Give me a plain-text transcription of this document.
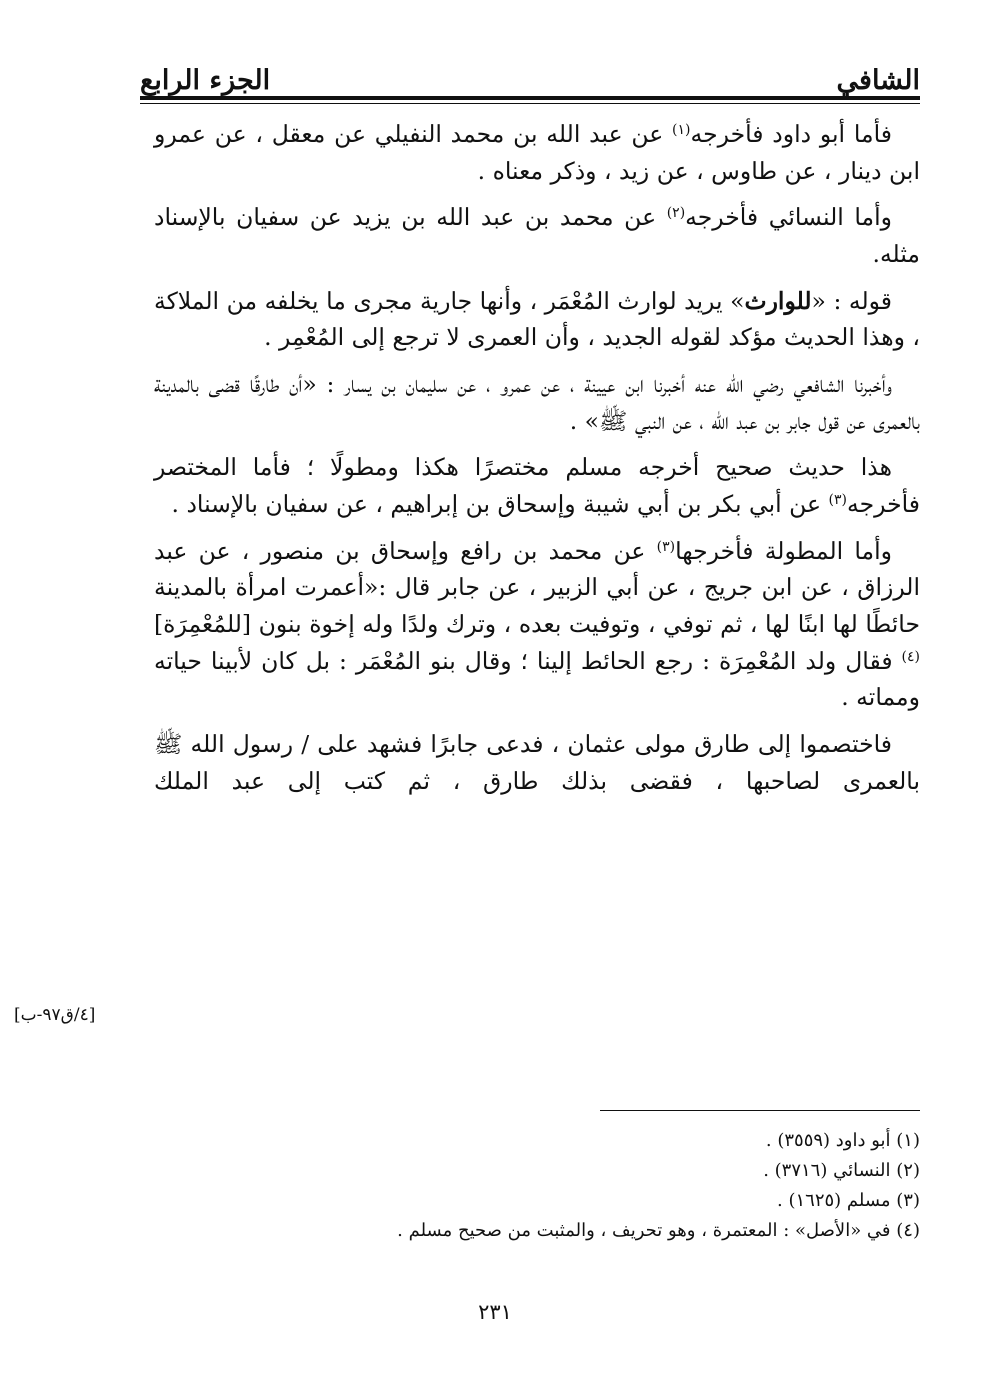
الشافي
الجزء الرابع

فأما أبو داود فأخرجه$^{(١)}$ عن عبد الله بن محمد النفيلي عن معقل ، عن عمرو ابن دينار ، عن طاوس ، عن زيد ، وذكر معناه .

وأما النسائي فأخرجه$^{(٢)}$ عن محمد بن عبد الله بن يزيد عن سفيان بالإسناد مثله.

قوله : «للوارث» يريد لوارث المُعْمَر ، وأنها جارية مجرى ما يخلفه من الملاكة ، وهذا الحديث مؤكد لقوله الجديد ، وأن العمرى لا ترجع إلى المُعْمِر .

وأخبرنا الشافعي رضي الله عنه أخبرنا ابن عيينة ، عن عمرو ، عن سليمان بن يسار : «أن طارقًا قضى بالمدينة بالعمرى عن قول جابر بن عبد الله ، عن النبي ﷺ» .

هذا حديث صحيح أخرجه مسلم مختصرًا هكذا ومطولًا ؛ فأما المختصر فأخرجه$^{(٣)}$ عن أبي بكر بن أبي شيبة وإسحاق بن إبراهيم ، عن سفيان بالإسناد .

وأما المطولة فأخرجها$^{(٣)}$ عن محمد بن رافع وإسحاق بن منصور ، عن عبد الرزاق ، عن ابن جريج ، عن أبي الزبير ، عن جابر قال :«أعمرت امرأة بالمدينة حائطًا لها ابنًا لها ، ثم توفي ، وتوفيت بعده ، وترك ولدًا وله إخوة بنون [للمُعْمِرَة]$^{(٤)}$ فقال ولد المُعْمِرَة : رجع الحائط إلينا ؛ وقال بنو المُعْمَر : بل كان لأبينا حياته ومماته .

فاختصموا إلى طارق مولى عثمان ، فدعى جابرًا فشهد على / رسول الله ﷺ بالعمرى لصاحبها ، فقضى بذلك طارق ، ثم كتب إلى عبد الملك

[٤/ق٩٧-ب]
(١) أبو داود (٣٥٥٩) .
(٢) النسائي (٣٧١٦) .
(٣) مسلم (١٦٢٥) .
(٤) في «الأصل» : المعتمرة ، وهو تحريف ، والمثبت من صحيح مسلم .
٢٣١
